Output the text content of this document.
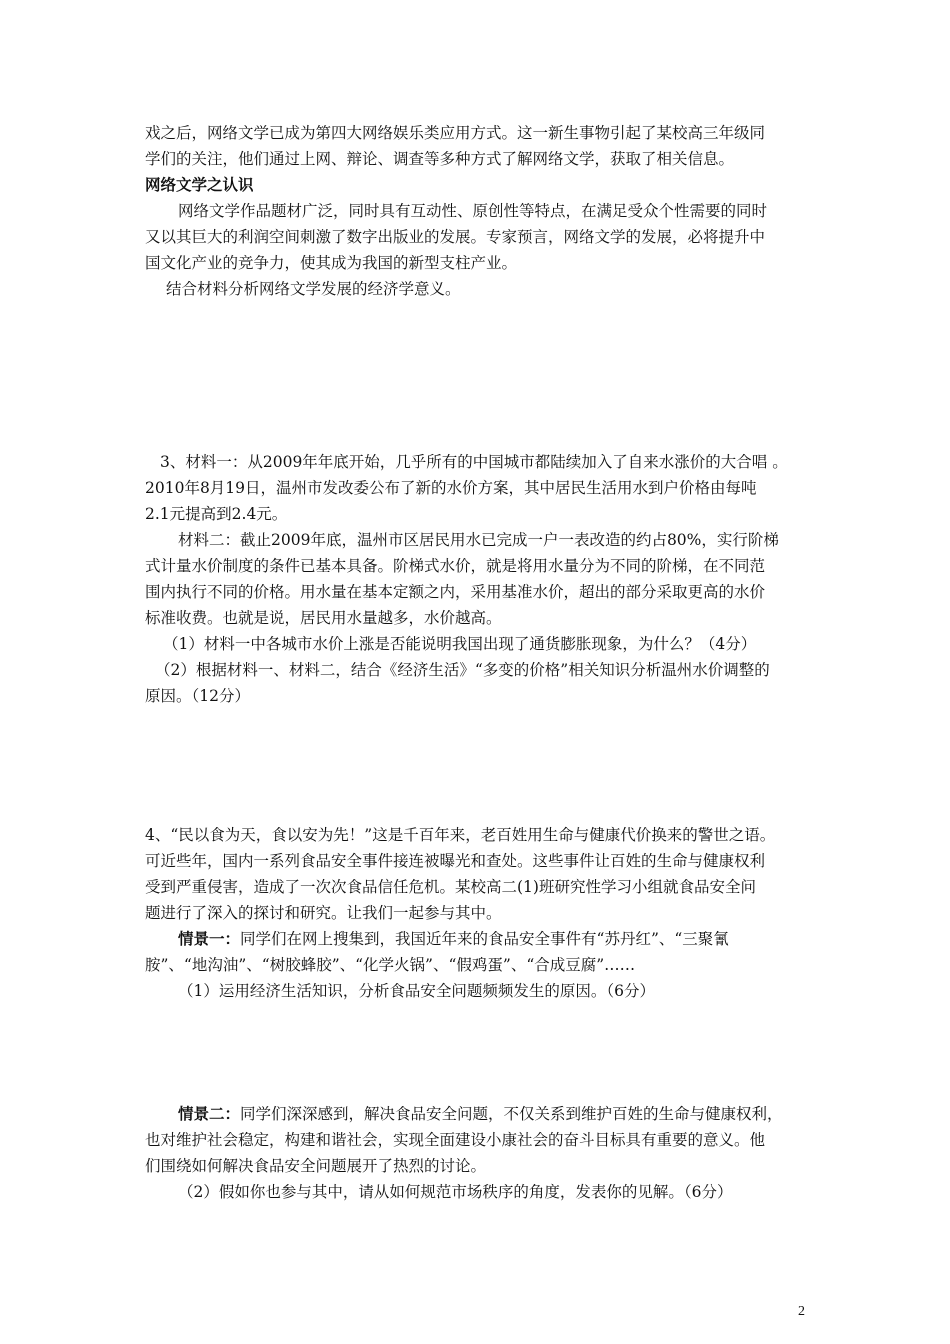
戏之后，网络文学已成为第四大网络娱乐类应用方式。这一新生事物引起了某校高三年级同
学们的关注，他们通过上网、辩论、调查等多种方式了解网络文学，获取了相关信息。
网络文学之认识
网络文学作品题材广泛，同时具有互动性、原创性等特点，在满足受众个性需要的同时
又以其巨大的利润空间刺激了数字出版业的发展。专家预言，网络文学的发展，必将提升中
国文化产业的竞争力，使其成为我国的新型支柱产业。
结合材料分析网络文学发展的经济学意义。
3、材料一：从2009年年底开始，几乎所有的中国城市都陆续加入了自来水涨价的大合唱 。
2010年8月19日，温州市发改委公布了新的水价方案，其中居民生活用水到户价格由每吨
2.1元提高到2.4元。
材料二：截止2009年底，温州市区居民用水已完成一户一表改造的约占80%，实行阶梯
式计量水价制度的条件已基本具备。阶梯式水价，就是将用水量分为不同的阶梯，在不同范
围内执行不同的价格。用水量在基本定额之内，采用基准水价，超出的部分采取更高的水价
标准收费。也就是说，居民用水量越多，水价越高。
（1）材料一中各城市水价上涨是否能说明我国出现了通货膨胀现象，为什么？（4分）
（2）根据材料一、材料二，结合《经济生活》“多变的价格”相关知识分析温州水价调整的
原因。（12分）
4、“民以食为天，食以安为先！”这是千百年来，老百姓用生命与健康代价换来的警世之语。
可近些年，国内一系列食品安全事件接连被曝光和查处。这些事件让百姓的生命与健康权利
受到严重侵害，造成了一次次食品信任危机。某校高二(1)班研究性学习小组就食品安全问
题进行了深入的探讨和研究。让我们一起参与其中。
情景一：同学们在网上搜集到，我国近年来的食品安全事件有“苏丹红”、“三聚氰
胺”、“地沟油”、“树胶蜂胶”、“化学火锅”、“假鸡蛋”、“合成豆腐”……
（1）运用经济生活知识，分析食品安全问题频频发生的原因。（6分）
情景二：同学们深深感到，解决食品安全问题，不仅关系到维护百姓的生命与健康权利，
也对维护社会稳定，构建和谐社会，实现全面建设小康社会的奋斗目标具有重要的意义。他
们围绕如何解决食品安全问题展开了热烈的讨论。
（2）假如你也参与其中，请从如何规范市场秩序的角度，发表你的见解。（6分）
2
